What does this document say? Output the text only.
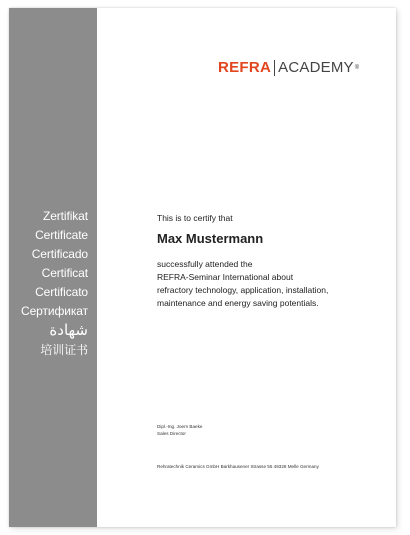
Zertifikat
Certificate
Certificado
Certificat
Certificato
Сертификат
شهادة
培训证书
REFRA ACADEMY ®
This is to certify that
Max Mustermann
successfully attended the
REFRA-Seminar International about
refractory technology, application, installation,
maintenance and energy saving potentials.
Dipl.-Ing. Joern Baeke
Sales Director
Rehratechnik Ceramics GmbH Barkhausener Strasse 55 49328 Melle Germany
